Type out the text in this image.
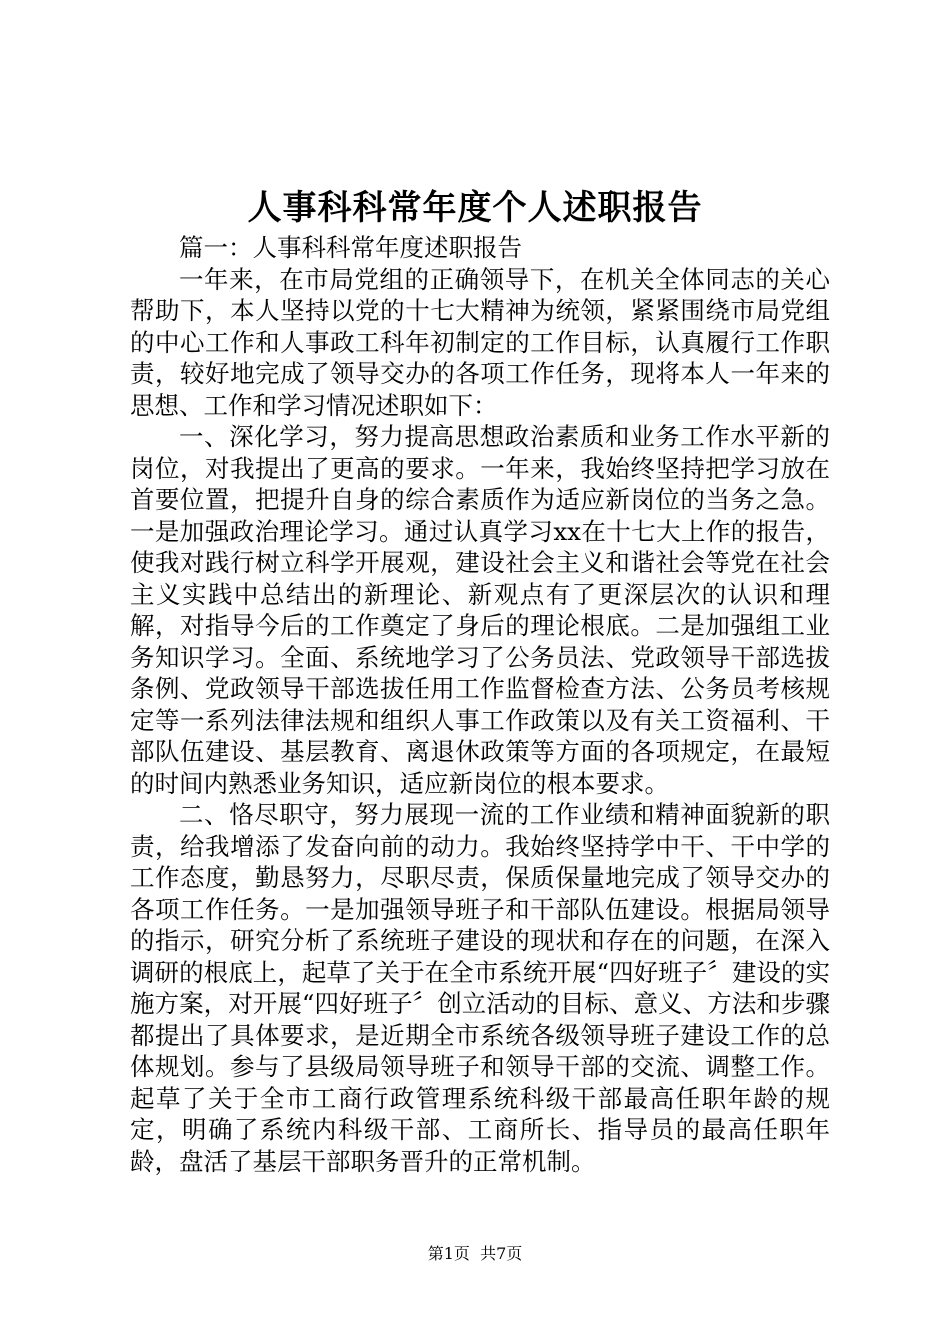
人事科科常年度个人述职报告

篇一：人事科科常年度述职报告

一年来，在市局党组的正确领导下，在机关全体同志的关心帮助下，本人坚持以党的十七大精神为统领，紧紧围绕市局党组的中心工作和人事政工科年初制定的工作目标，认真履行工作职责，较好地完成了领导交办的各项工作任务，现将本人一年来的思想、工作和学习情况述职如下：

一、深化学习，努力提高思想政治素质和业务工作水平新的岗位，对我提出了更高的要求。一年来，我始终坚持把学习放在首要位置，把提升自身的综合素质作为适应新岗位的当务之急。一是加强政治理论学习。通过认真学习xx在十七大上作的报告，使我对践行树立科学开展观，建设社会主义和谐社会等党在社会主义实践中总结出的新理论、新观点有了更深层次的认识和理解，对指导今后的工作奠定了身后的理论根底。二是加强组工业务知识学习。全面、系统地学习了公务员法、党政领导干部选拔条例、党政领导干部选拔任用工作监督检查方法、公务员考核规定等一系列法律法规和组织人事工作政策以及有关工资福利、干部队伍建设、基层教育、离退休政策等方面的各项规定，在最短的时间内熟悉业务知识，适应新岗位的根本要求。

二、恪尽职守，努力展现一流的工作业绩和精神面貌新的职责，给我增添了发奋向前的动力。我始终坚持学中干、干中学的工作态度，勤恳努力，尽职尽责，保质保量地完成了领导交办的各项工作任务。一是加强领导班子和干部队伍建设。根据局领导的指示，研究分析了系统班子建设的现状和存在的问题，在深入调研的根底上，起草了关于在全市系统开展“四好班子〞建设的实施方案，对开展“四好班子〞创立活动的目标、意义、方法和步骤都提出了具体要求，是近期全市系统各级领导班子建设工作的总体规划。参与了县级局领导班子和领导干部的交流、调整工作。起草了关于全市工商行政管理系统科级干部最高任职年龄的规定，明确了系统内科级干部、工商所长、指导员的最高任职年龄，盘活了基层干部职务晋升的正常机制。

第1页 共7页
